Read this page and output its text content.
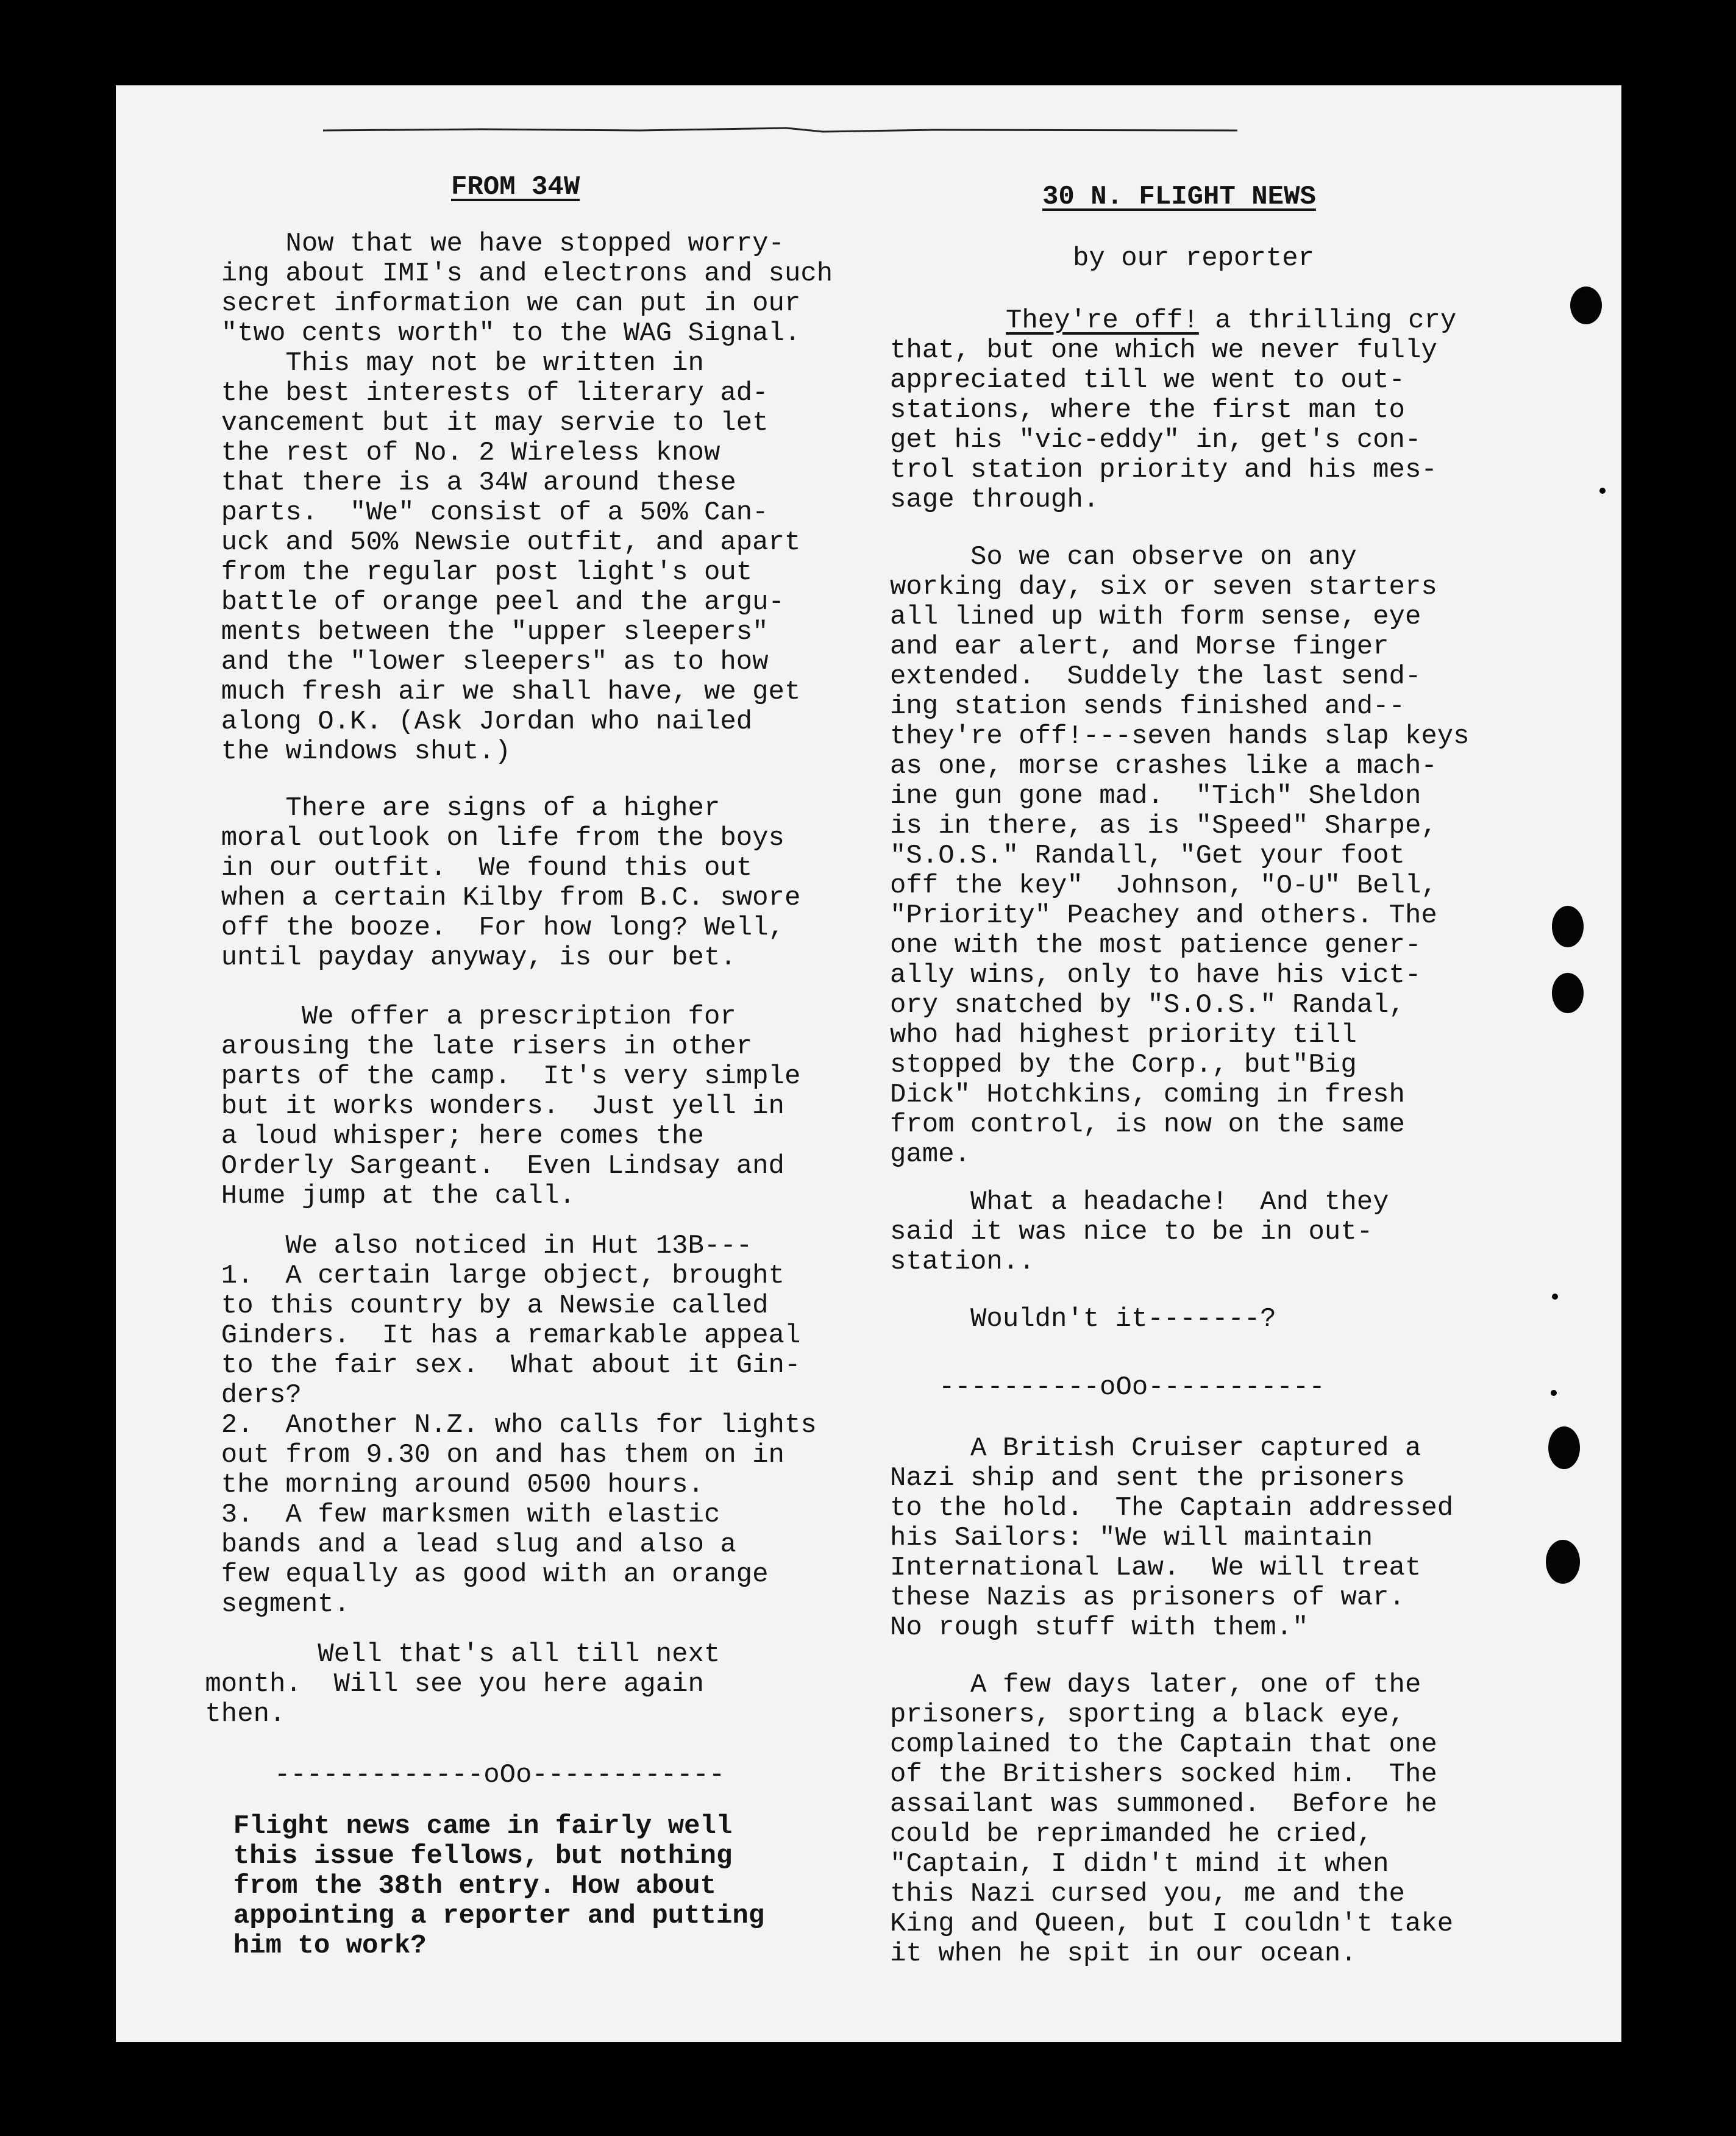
FROM 34W	30 N. FLIGHT NEWS

Now that we have stopped worry-
ing about IMI's and electrons and such
secret information we can put in our
"two cents worth" to the WAG Signal.
This may not be written in
the best interests of literary ad-
vancement but it may servie to let
the rest of No. 2 Wireless know
that there is a 34W around these
parts.  "We" consist of a 50% Can-
uck and 50% Newsie outfit, and apart
from the regular post light's out
battle of orange peel and the argu-
ments between the "upper sleepers"
and the "lower sleepers" as to how
much fresh air we shall have, we get
along O.K. (Ask Jordan who nailed
the windows shut.)

There are signs of a higher
moral outlook on life from the boys
in our outfit.  We found this out
when a certain Kilby from B.C. swore
off the booze.  For how long? Well,
until payday anyway, is our bet.

We offer a prescription for
arousing the late risers in other
parts of the camp.  It's very simple
but it works wonders.  Just yell in
a loud whisper; here comes the
Orderly Sargeant.  Even Lindsay and
Hume jump at the call.

We also noticed in Hut 13B---
1.  A certain large object, brought
to this country by a Newsie called
Ginders.  It has a remarkable appeal
to the fair sex.  What about it Gin-
ders?
2.  Another N.Z. who calls for lights
out from 9.30 on and has them on in
the morning around 0500 hours.
3.  A few marksmen with elastic
bands and a lead slug and also a
few equally as good with an orange
segment.

Well that's all till next
month.  Will see you here again
then.

-------------oOo------------

Flight news came in fairly well
this issue fellows, but nothing
from the 38th entry. How about
appointing a reporter and putting
him to work?

by our reporter

They're off! a thrilling cry
that, but one which we never fully
appreciated till we went to out-
stations, where the first man to
get his "vic-eddy" in, get's con-
trol station priority and his mes-
sage through.

So we can observe on any
working day, six or seven starters
all lined up with form sense, eye
and ear alert, and Morse finger
extended.  Suddely the last send-
ing station sends finished and--
they're off!---seven hands slap keys
as one, morse crashes like a mach-
ine gun gone mad.  "Tich" Sheldon
is in there, as is "Speed" Sharpe,
"S.O.S." Randall, "Get your foot
off the key"  Johnson, "O-U" Bell,
"Priority" Peachey and others. The
one with the most patience gener-
ally wins, only to have his vict-
ory snatched by "S.O.S." Randal,
who had highest priority till
stopped by the Corp., but"Big
Dick" Hotchkins, coming in fresh
from control, is now on the same
game.

What a headache!  And they
said it was nice to be in out-
station..

Wouldn't it-------?

----------oOo-----------

A British Cruiser captured a
Nazi ship and sent the prisoners
to the hold.  The Captain addressed
his Sailors: "We will maintain
International Law.  We will treat
these Nazis as prisoners of war.
No rough stuff with them."

A few days later, one of the
prisoners, sporting a black eye,
complained to the Captain that one
of the Britishers socked him.  The
assailant was summoned.  Before he
could be reprimanded he cried,
"Captain, I didn't mind it when
this Nazi cursed you, me and the
King and Queen, but I couldn't take
it when he spit in our ocean.
